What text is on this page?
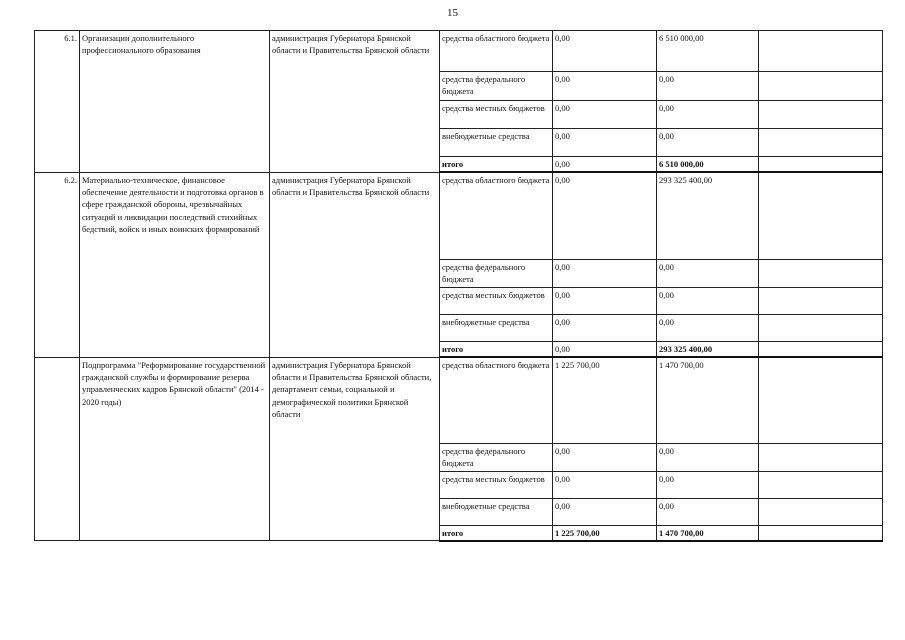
15
6.1.	Организации дополнительного профессионального образования	администрация Губернатора Брянской области и Правительства Брянской области	средства областного бюджета	0,00	6 510 000,00	
			средства федерального бюджета	0,00	0,00	
			средства местных бюджетов	0,00	0,00	
			внебюджетные средства	0,00	0,00	
			итого	0,00	6 510 000,00	
6.2.	Материально-техническое, финансовое обеспечение деятельности и подготовка органов в сфере гражданской обороны, чрезвычайных ситуаций и ликвидации последствий стихийных бедствий, войск и иных воинских формирований	администрация Губернатора Брянской области и Правительства Брянской области	средства областного бюджета	0,00	293 325 400,00	
			средства федерального бюджета	0,00	0,00	
			средства местных бюджетов	0,00	0,00	
			внебюджетные средства	0,00	0,00	
			итого	0,00	293 325 400,00	
	Подпрограмма "Реформирование государственной гражданской службы и формирование резерва управленческих кадров Брянской области" (2014 - 2020 годы)	администрация Губернатора Брянской области и Правительства Брянской области, департамент семьи, социальной и демографической политики Брянской области	средства областного бюджета	1 225 700,00	1 470 700,00	
			средства федерального бюджета	0,00	0,00	
			средства местных бюджетов	0,00	0,00	
			внебюджетные средства	0,00	0,00	
			итого	1 225 700,00	1 470 700,00	
